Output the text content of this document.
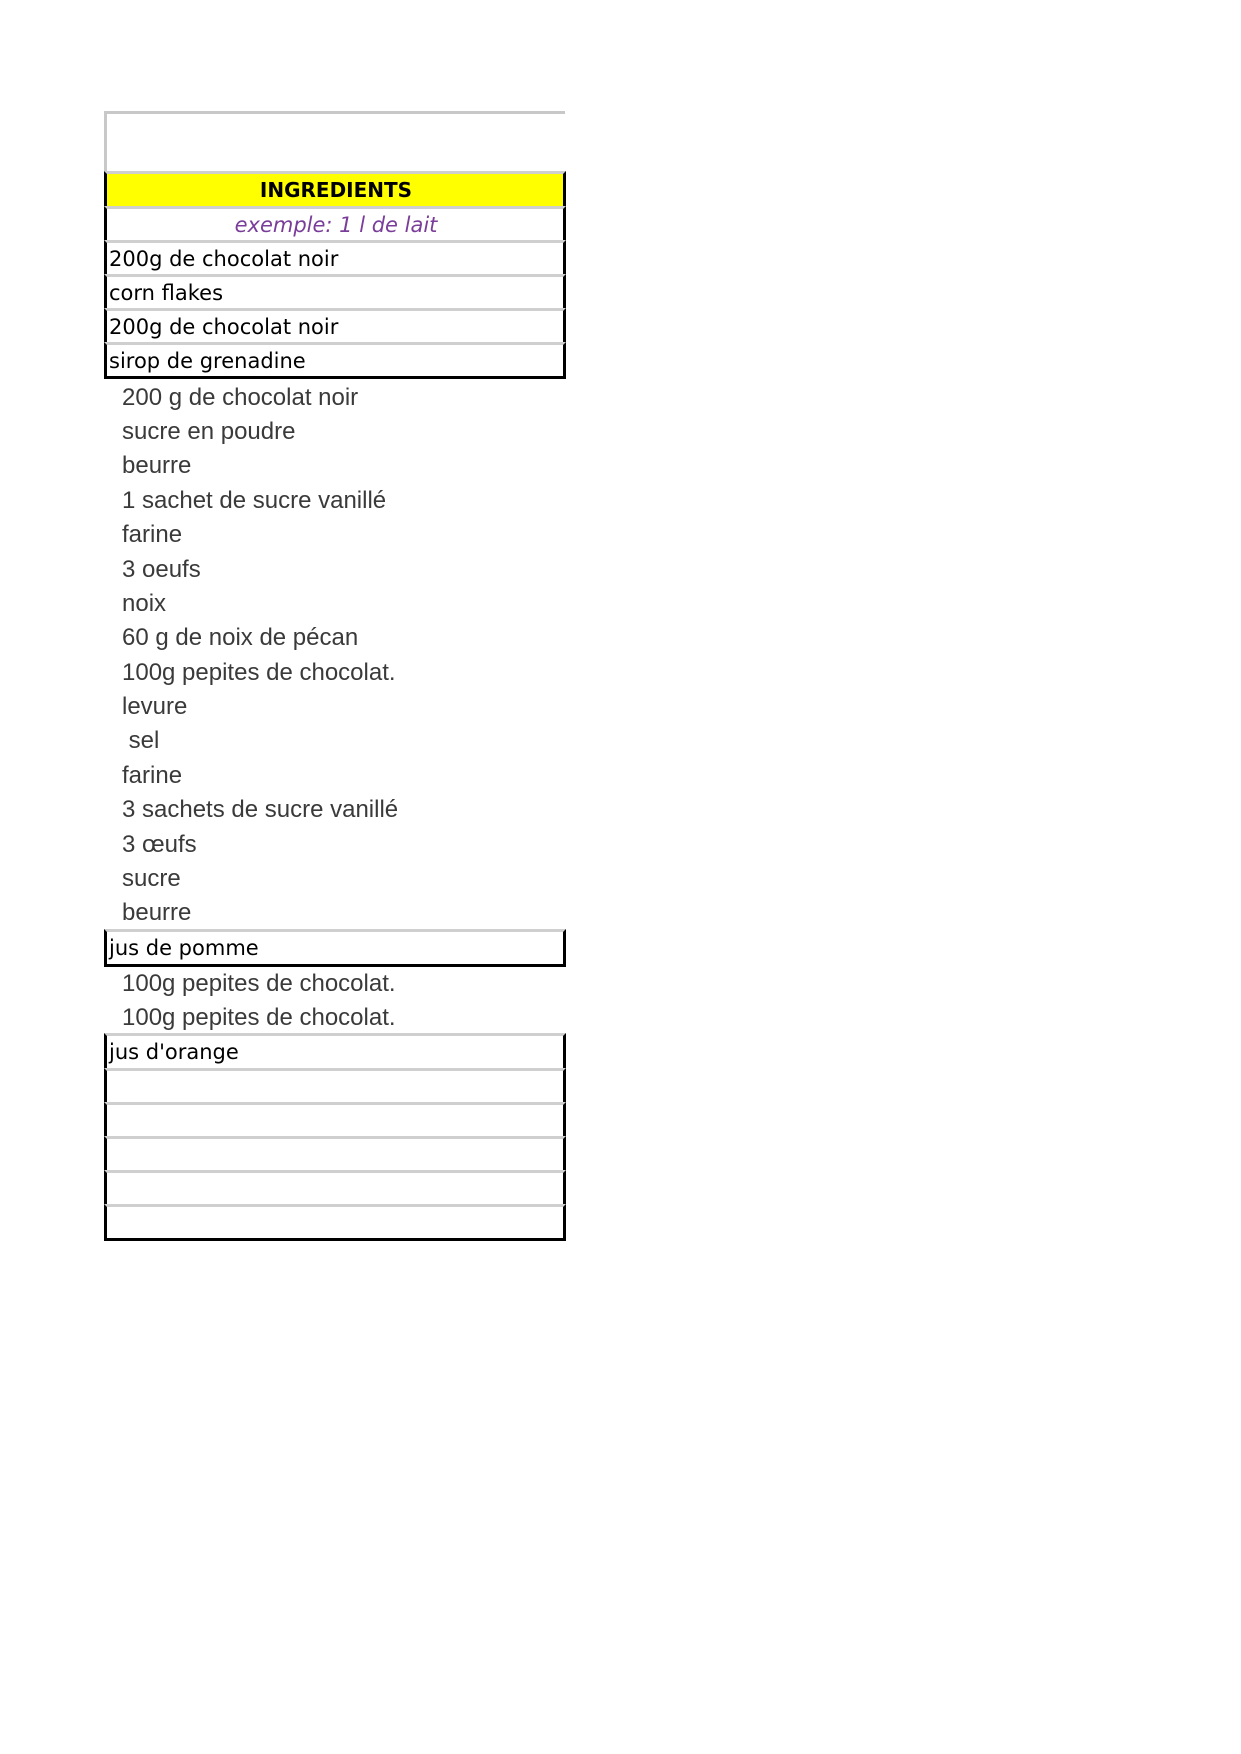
INGREDIENTS
exemple: 1 l de lait
200g de chocolat noir
corn flakes
200g de chocolat noir
sirop de grenadine
200 g de chocolat noir
sucre en poudre
beurre
1 sachet de sucre vanillé
farine
3 oeufs
noix
60 g de noix de pécan
100g pepites de chocolat.
levure
sel
farine
3 sachets de sucre vanillé
3 œufs
sucre
beurre
jus de pomme
100g pepites de chocolat.
100g pepites de chocolat.
jus d'orange
